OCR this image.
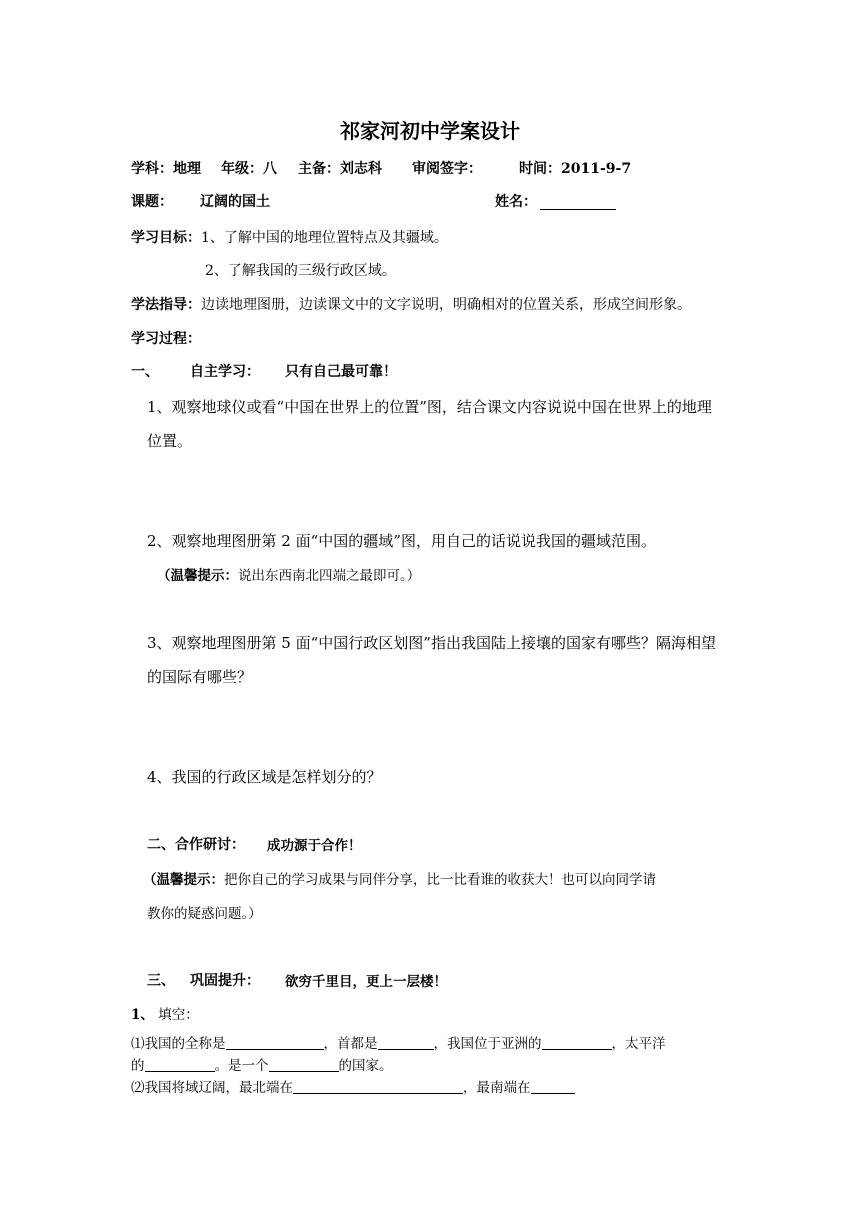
祁家河初中学案设计
学科：地理 年级：八 主备：刘志科 审阅签字：	时间：2011-9-7
课题： 辽阔的国土	姓名：
学习目标：1、了解中国的地理位置特点及其疆域。
2、了解我国的三级行政区域。
学法指导：边读地理图册，边读课文中的文字说明，明确相对的位置关系，形成空间形象。
学习过程：
一、 自主学习： 只有自己最可靠！
1、观察地球仪或看“中国在世界上的位置”图，结合课文内容说说中国在世界上的地理
位置。
2、观察地理图册第 2 面“中国的疆域”图，用自己的话说说我国的疆域范围。
（温馨提示：说出东西南北四端之最即可。）
3、观察地理图册第 5 面“中国行政区划图”指出我国陆上接壤的国家有哪些？隔海相望
的国际有哪些？
4、我国的行政区域是怎样划分的？
二、合作研讨： 成功源于合作！
（温馨提示：把你自己的学习成果与同伴分享，比一比看谁的收获大！也可以向同学请
教你的疑惑问题。）
三、 巩固提升： 欲穷千里目，更上一层楼！
1、 填空：
⑴我国的全称是	，首都是	，我国位于亚洲的	，太平洋
的	。是一个	的国家。
⑵我国将域辽阔，最北端在	，最南端在
